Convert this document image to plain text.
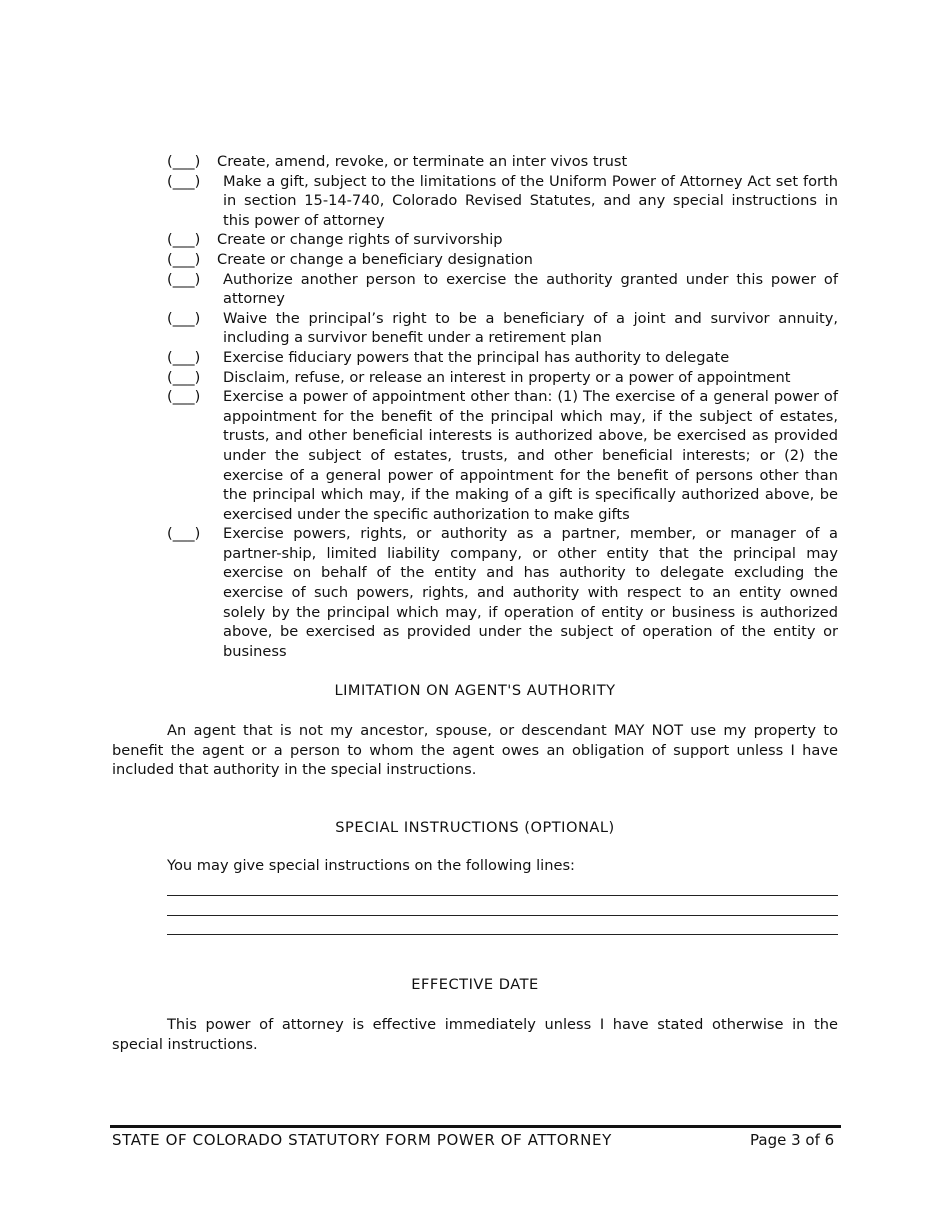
(___)	Create, amend, revoke, or terminate an inter vivos trust
(___)	Make a gift, subject to the limitations of the Uniform Power of Attorney Act set forth in section 15-14-740, Colorado Revised Statutes, and any special instructions in this power of attorney
(___)	Create or change rights of survivorship
(___)	Create or change a beneficiary designation
(___)	Authorize another person to exercise the authority granted under this power of attorney
(___)	Waive the principal’s right to be a beneficiary of a joint and survivor annuity, including a survivor benefit under a retirement plan
(___)	Exercise fiduciary powers that the principal has authority to delegate
(___)	Disclaim, refuse, or release an interest in property or a power of appointment
(___)	Exercise a power of appointment other than: (1) The exercise of a general power of appointment for the benefit of the principal which may, if the subject of estates, trusts, and other beneficial interests is authorized above, be exercised as provided under the subject of estates, trusts, and other beneficial interests; or (2) the exercise of a general power of appointment for the benefit of persons other than the principal which may, if the making of a gift is specifically authorized above, be exercised under the specific authorization to make gifts
(___)	Exercise powers, rights, or authority as a partner, member, or manager of a partner-ship, limited liability company, or other entity that the principal may exercise on behalf of the entity and has authority to delegate excluding the exercise of such powers, rights, and authority with respect to an entity owned solely by the principal which may, if operation of entity or business is authorized above, be exercised as provided under the subject of operation of the entity or business
LIMITATION ON AGENT'S AUTHORITY

An agent that is not my ancestor, spouse, or descendant MAY NOT use my property to benefit the agent or a person to whom the agent owes an obligation of support unless I have included that authority in the special instructions.

SPECIAL INSTRUCTIONS (OPTIONAL)
You may give special instructions on the following lines:
EFFECTIVE DATE

This power of attorney is effective immediately unless I have stated otherwise in the special instructions.

STATE OF COLORADO STATUTORY FORM POWER OF ATTORNEY	Page 3 of 6
